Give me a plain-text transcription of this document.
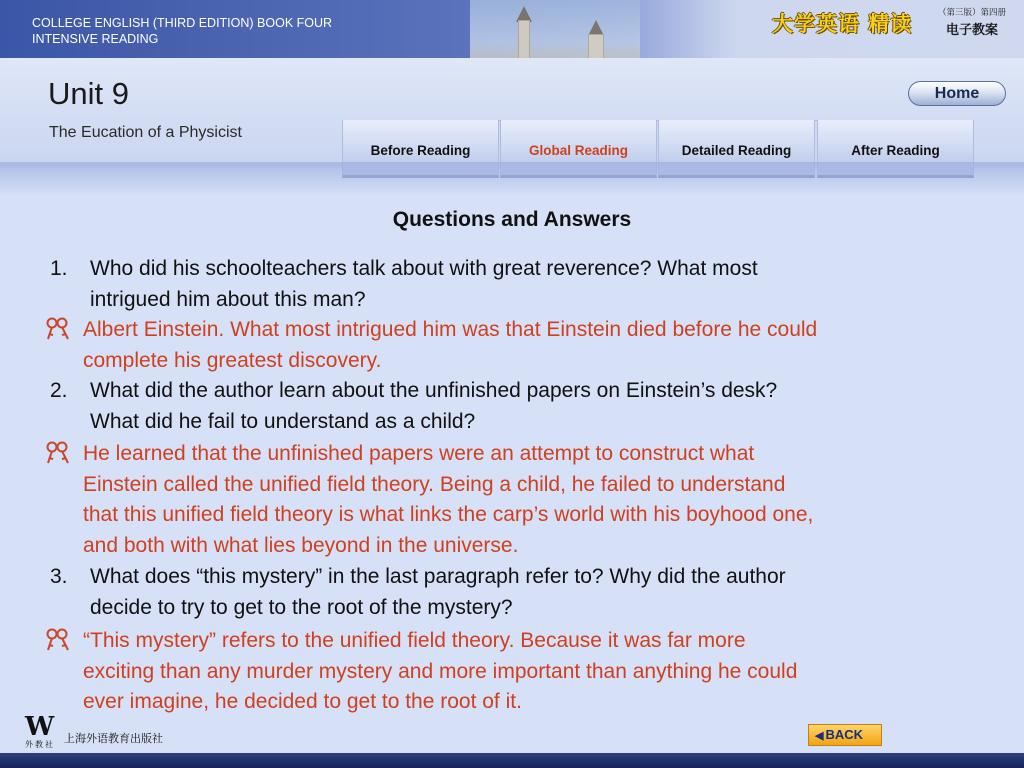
COLLEGE ENGLISH (THIRD EDITION) BOOK FOUR
INTENSIVE READING
大学英语 精读	（第三版）第四册
电子教案
Unit 9
The Eucation of a Physicist
Home
Before Reading	Global Reading	Detailed Reading	After Reading
Questions and Answers
1. Who did his schoolteachers talk about with great reverence? What most
intrigued him about this man?
Albert Einstein. What most intrigued him was that Einstein died before he could
complete his greatest discovery.
2. What did the author learn about the unfinished papers on Einstein’s desk?
What did he fail to understand as a child?
He learned that the unfinished papers were an attempt to construct what
Einstein called the unified field theory. Being a child, he failed to understand
that this unified field theory is what links the carp’s world with his boyhood one,
and both with what lies beyond in the universe.
3. What does “this mystery” in the last paragraph refer to? Why did the author
decide to try to get to the root of the mystery?
“This mystery” refers to the unified field theory. Because it was far more
exciting than any murder mystery and more important than anything he could
ever imagine, he decided to get to the root of it.
W
外教社 上海外语教育出版社	◀ BACK
